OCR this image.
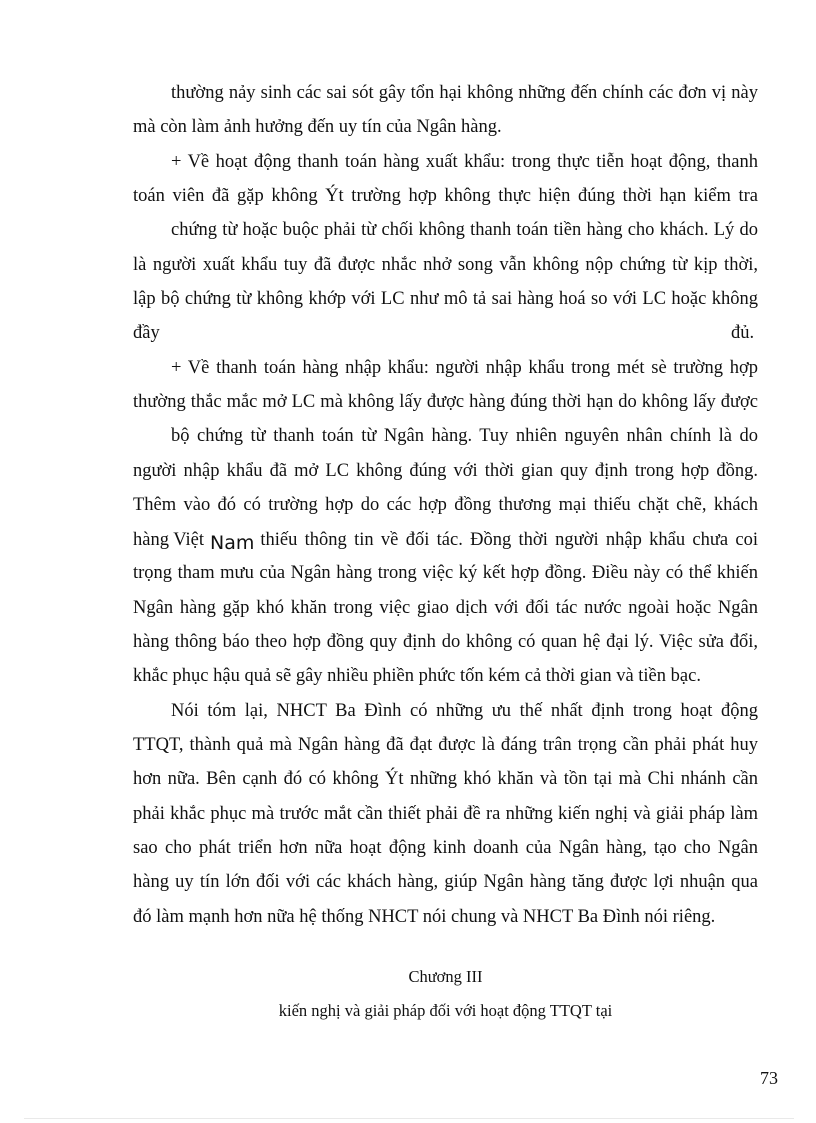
thường nảy sinh các sai sót gây tổn hại không những đến chính các đơn vị này
mà còn làm ảnh hưởng đến uy tín của Ngân hàng.
+ Về hoạt động thanh toán hàng xuất khẩu: trong thực tiễn hoạt động, thanh
toán viên đã gặp không Ýt trường hợp không thực hiện đúng thời hạn kiểm tra
chứng từ hoặc buộc phải từ chối không thanh toán tiền hàng cho khách. Lý do
là người xuất khẩu tuy đã được nhắc nhở song vẫn không nộp chứng từ kịp thời,
lập bộ chứng từ không khớp với LC như mô tả sai hàng hoá so với LC hoặc không
đầy	đủ.
+ Về thanh toán hàng nhập khẩu: người nhập khẩu trong mét sè trường hợp
thường thắc mắc mở LC mà không lấy được hàng đúng thời hạn do không lấy được
bộ chứng từ thanh toán từ Ngân hàng. Tuy nhiên nguyên nhân chính là do
người nhập khẩu đã mở LC không đúng với thời gian quy định trong hợp đồng.
Thêm vào đó có trường hợp do các hợp đồng thương mại thiếu chặt chẽ, khách
hàng Việt Nam thiếu thông tin về đối tác. Đồng thời người nhập khẩu chưa coi
trọng tham mưu của Ngân hàng trong việc ký kết hợp đồng. Điều này có thể khiến
Ngân hàng gặp khó khăn trong việc giao dịch với đối tác nước ngoài hoặc Ngân
hàng thông báo theo hợp đồng quy định do không có quan hệ đại lý. Việc sửa đổi,
khắc phục hậu quả sẽ gây nhiều phiền phức tốn kém cả thời gian và tiền bạc.
Nói tóm lại, NHCT Ba Đình có những ưu thế nhất định trong hoạt động
TTQT, thành quả mà Ngân hàng đã đạt được là đáng trân trọng cần phải phát huy
hơn nữa. Bên cạnh đó có không Ýt những khó khăn và tồn tại mà Chi nhánh cần
phải khắc phục mà trước mắt cần thiết phải đề ra những kiến nghị và giải pháp làm
sao cho phát triển hơn nữa hoạt động kinh doanh của Ngân hàng, tạo cho Ngân
hàng uy tín lớn đối với các khách hàng, giúp Ngân hàng tăng được lợi nhuận qua
đó làm mạnh hơn nữa hệ thống NHCT nói chung và NHCT Ba Đình nói riêng.
Chương III
kiến nghị và giải pháp đối với hoạt động TTQT tại
73
